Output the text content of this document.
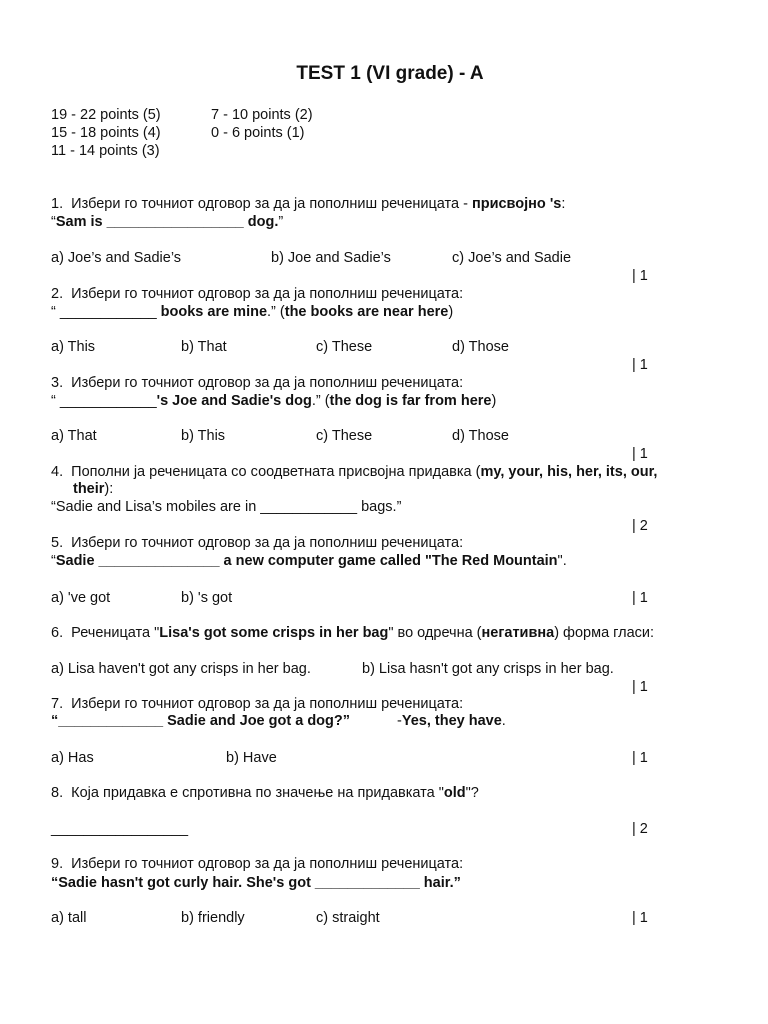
TEST 1 (VI grade) - A
19 - 22 points (5)
15 - 18 points (4)
11 - 14 points (3)
7 - 10 points (2)
0 - 6 points (1)
1. Избери го точниот одговор за да ја пополниш реченицата - присвојно 's:
“Sam is _________________ dog.”
a) Joe’s and Sadie’s	b) Joe and Sadie’s	c) Joe’s and Sadie
| 1
2. Избери го точниот одговор за да ја пополниш реченицата:
“ ____________ books are mine.” (the books are near here)
a) This	b) That	c) These	d) Those
| 1
3. Избери го точниот одговор за да ја пополниш реченицата:
“ ____________'s Joe and Sadie's dog.” (the dog is far from here)
a) That	b) This	c) These	d) Those
| 1
4. Пополни ја реченицата со соодветната присвојна придавка (my, your, his, her, its, our,
their):
“Sadie and Lisa’s mobiles are in ____________ bags.”
| 2
5. Избери го точниот одговор за да ја пополниш реченицата:
“Sadie _______________ a new computer game called "The Red Mountain".
a) 've got	b) 's got	| 1
6. Реченицата "Lisa's got some crisps in her bag" во одречна (негативна) форма гласи:
a) Lisa haven't got any crisps in her bag.	b) Lisa hasn't got any crisps in her bag.
| 1
7. Избери го точниот одговор за да ја пополниш реченицата:
“_____________ Sadie and Joe got a dog?”	-Yes, they have.
a) Has	b) Have	| 1
8. Која придавка е спротивна по значење на придавката "old"?
_________________	| 2
9. Избери го точниот одговор за да ја пополниш реченицата:
“Sadie hasn't got curly hair. She's got _____________ hair.”
a) tall	b) friendly	c) straight	| 1
